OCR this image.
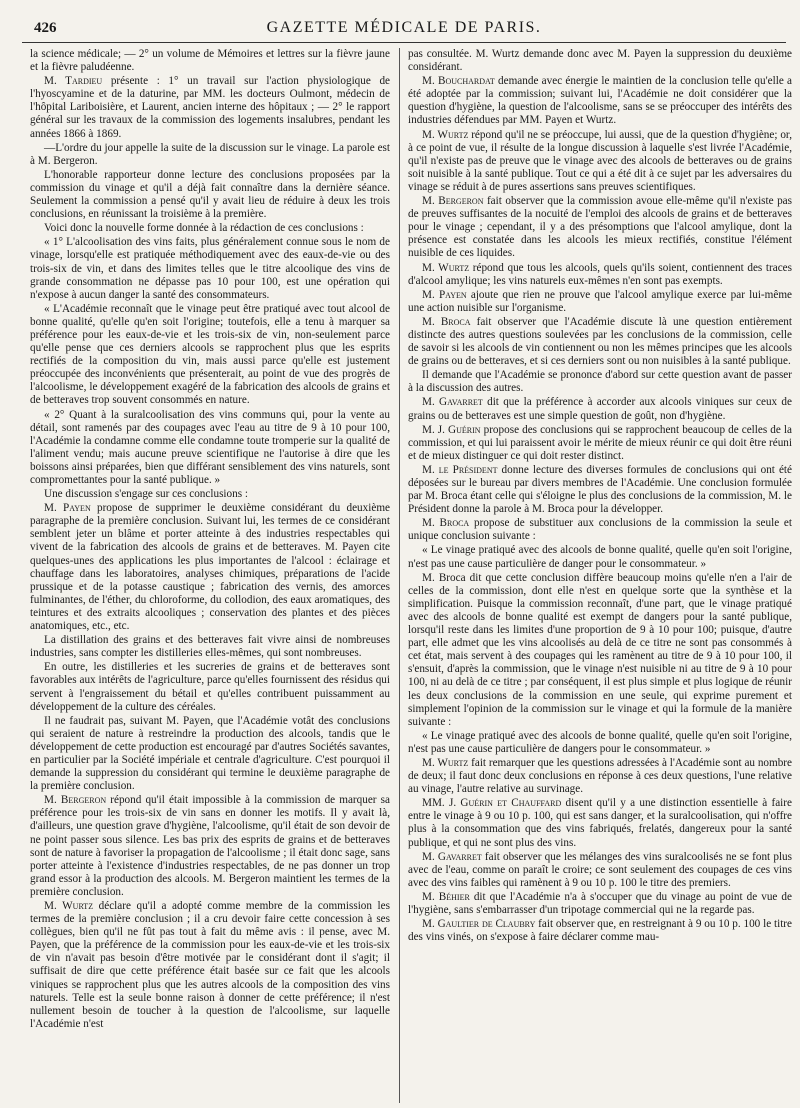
426	GAZETTE MÉDICALE DE PARIS.

la science médicale; — 2° un volume de Mémoires et lettres sur la fièvre jaune et la fièvre paludéenne.

M. Tardieu présente : 1° un travail sur l'action physiologique de l'hyoscyamine et de la daturine, par MM. les docteurs Oulmont, médecin de l'hôpital Lariboisière, et Laurent, ancien interne des hôpitaux ; — 2° le rapport général sur les travaux de la commission des logements insalubres, pendant les années 1866 à 1869.

—L'ordre du jour appelle la suite de la discussion sur le vinage. La parole est à M. Bergeron.

L'honorable rapporteur donne lecture des conclusions proposées par la commission du vinage et qu'il a déjà fait connaître dans la dernière séance. Seulement la commission a pensé qu'il y avait lieu de réduire à deux les trois conclusions, en réunissant la troisième à la première.

Voici donc la nouvelle forme donnée à la rédaction de ces conclusions :

« 1° L'alcoolisation des vins faits, plus généralement connue sous le nom de vinage, lorsqu'elle est pratiquée méthodiquement avec des eaux-de-vie ou des trois-six de vin, et dans des limites telles que le titre alcoolique des vins de grande consommation ne dépasse pas 10 pour 100, est une opération qui n'expose à aucun danger la santé des consommateurs.

« L'Académie reconnaît que le vinage peut être pratiqué avec tout alcool de bonne qualité, qu'elle qu'en soit l'origine; toutefois, elle a tenu à marquer sa préférence pour les eaux-de-vie et les trois-six de vin, non-seulement parce qu'elle pense que ces derniers alcools se rapprochent plus que les esprits rectifiés de la composition du vin, mais aussi parce qu'elle est justement préoccupée des inconvénients que présenterait, au point de vue des progrès de l'alcoolisme, le développement exagéré de la fabrication des alcools de grains et de betteraves trop souvent consommés en nature.

« 2° Quant à la suralcoolisation des vins communs qui, pour la vente au détail, sont ramenés par des coupages avec l'eau au titre de 9 à 10 pour 100, l'Académie la condamne comme elle condamne toute tromperie sur la qualité de l'aliment vendu; mais aucune preuve scientifique ne l'autorise à dire que les boissons ainsi préparées, bien que différant sensiblement des vins naturels, sont compromettantes pour la santé publique. »

Une discussion s'engage sur ces conclusions :

M. Payen propose de supprimer le deuxième considérant du deuxième paragraphe de la première conclusion. Suivant lui, les termes de ce considérant semblent jeter un blâme et porter atteinte à des industries respectables qui vivent de la fabrication des alcools de grains et de betteraves. M. Payen cite quelques-unes des applications les plus importantes de l'alcool : éclairage et chauffage dans les laboratoires, analyses chimiques, préparations de l'acide prussique et de la potasse caustique ; fabrication des vernis, des amorces fulminantes, de l'éther, du chloroforme, du collodion, des eaux aromatiques, des teintures et des extraits alcooliques ; conservation des plantes et des pièces anatomiques, etc., etc.

La distillation des grains et des betteraves fait vivre ainsi de nombreuses industries, sans compter les distilleries elles-mêmes, qui sont nombreuses.

En outre, les distilleries et les sucreries de grains et de betteraves sont favorables aux intérêts de l'agriculture, parce qu'elles fournissent des résidus qui servent à l'engraissement du bétail et qu'elles contribuent puissamment au développement de la culture des céréales.

Il ne faudrait pas, suivant M. Payen, que l'Académie votât des conclusions qui seraient de nature à restreindre la production des alcools, tandis que le développement de cette production est encouragé par d'autres Sociétés savantes, en particulier par la Société impériale et centrale d'agriculture. C'est pourquoi il demande la suppression du considérant qui termine le deuxième paragraphe de la première conclusion.

M. Bergeron répond qu'il était impossible à la commission de marquer sa préférence pour les trois-six de vin sans en donner les motifs. Il y avait là, d'ailleurs, une question grave d'hygiène, l'alcoolisme, qu'il était de son devoir de ne point passer sous silence. Les bas prix des esprits de grains et de betteraves sont de nature à favoriser la propagation de l'alcoolisme ; il était donc sage, sans porter atteinte à l'existence d'industries respectables, de ne pas donner un trop grand essor à la production des alcools. M. Bergeron maintient les termes de la première conclusion.

M. Wurtz déclare qu'il a adopté comme membre de la commission les termes de la première conclusion ; il a cru devoir faire cette concession à ses collègues, bien qu'il ne fût pas tout à fait du même avis : il pense, avec M. Payen, que la préférence de la commission pour les eaux-de-vie et les trois-six de vin n'avait pas besoin d'être motivée par le considérant dont il s'agit; il suffisait de dire que cette préférence était basée sur ce fait que les alcools viniques se rapprochent plus que les autres alcools de la composition des vins naturels. Telle est la seule bonne raison à donner de cette préférence; il n'est nullement besoin de toucher à la question de l'alcoolisme, sur laquelle l'Académie n'est

pas consultée. M. Wurtz demande donc avec M. Payen la suppression du deuxième considérant.

M. Bouchardat demande avec énergie le maintien de la conclusion telle qu'elle a été adoptée par la commission; suivant lui, l'Académie ne doit considérer que la question d'hygiène, la question de l'alcoolisme, sans se se préoccuper des intérêts des industries défendues par MM. Payen et Wurtz.

M. Wurtz répond qu'il ne se préoccupe, lui aussi, que de la question d'hygiène; or, à ce point de vue, il résulte de la longue discussion à laquelle s'est livrée l'Académie, qu'il n'existe pas de preuve que le vinage avec des alcools de betteraves ou de grains soit nuisible à la santé publique. Tout ce qui a été dit à ce sujet par les adversaires du vinage se réduit à de pures assertions sans preuves scientifiques.

M. Bergeron fait observer que la commission avoue elle-même qu'il n'existe pas de preuves suffisantes de la nocuité de l'emploi des alcools de grains et de betteraves pour le vinage ; cependant, il y a des présomptions que l'alcool amylique, dont la présence est constatée dans les alcools les mieux rectifiés, constitue l'élément nuisible de ces liquides.

M. Wurtz répond que tous les alcools, quels qu'ils soient, contiennent des traces d'alcool amylique; les vins naturels eux-mêmes n'en sont pas exempts.

M. Payen ajoute que rien ne prouve que l'alcool amylique exerce par lui-même une action nuisible sur l'organisme.

M. Broca fait observer que l'Académie discute là une question entièrement distincte des autres questions soulevées par les conclusions de la commission, celle de savoir si les alcools de vin contiennent ou non les mêmes principes que les alcools de grains ou de betteraves, et si ces derniers sont ou non nuisibles à la santé publique.

Il demande que l'Académie se prononce d'abord sur cette question avant de passer à la discussion des autres.

M. Gavarret dit que la préférence à accorder aux alcools viniques sur ceux de grains ou de betteraves est une simple question de goût, non d'hygiène.

M. J. Guérin propose des conclusions qui se rapprochent beaucoup de celles de la commission, et qui lui paraissent avoir le mérite de mieux réunir ce qui doit être réuni et de mieux distinguer ce qui doit rester distinct.

M. le Président donne lecture des diverses formules de conclusions qui ont été déposées sur le bureau par divers membres de l'Académie. Une conclusion formulée par M. Broca étant celle qui s'éloigne le plus des conclusions de la commission, M. le Président donne la parole à M. Broca pour la développer.

M. Broca propose de substituer aux conclusions de la commission la seule et unique conclusion suivante :

« Le vinage pratiqué avec des alcools de bonne qualité, quelle qu'en soit l'origine, n'est pas une cause particulière de danger pour le consommateur. »

M. Broca dit que cette conclusion diffère beaucoup moins qu'elle n'en a l'air de celles de la commission, dont elle n'est en quelque sorte que la synthèse et la simplification. Puisque la commission reconnaît, d'une part, que le vinage pratiqué avec des alcools de bonne qualité est exempt de dangers pour la santé publique, lorsqu'il reste dans les limites d'une proportion de 9 à 10 pour 100; puisque, d'autre part, elle admet que les vins alcoolisés au delà de ce titre ne sont pas consommés à cet état, mais servent à des coupages qui les ramènent au titre de 9 à 10 pour 100, il s'ensuit, d'après la commission, que le vinage n'est nuisible ni au titre de 9 à 10 pour 100, ni au delà de ce titre ; par conséquent, il est plus simple et plus logique de réunir les deux conclusions de la commission en une seule, qui exprime purement et simplement l'opinion de la commission sur le vinage et qui la formule de la manière suivante :

« Le vinage pratiqué avec des alcools de bonne qualité, quelle qu'en soit l'origine, n'est pas une cause particulière de dangers pour le consommateur. »

M. Wurtz fait remarquer que les questions adressées à l'Académie sont au nombre de deux; il faut donc deux conclusions en réponse à ces deux questions, l'une relative au vinage, l'autre relative au survinage.

MM. J. Guérin et Chauffard disent qu'il y a une distinction essentielle à faire entre le vinage à 9 ou 10 p. 100, qui est sans danger, et la suralcoolisation, qui n'offre plus à la consommation que des vins fabriqués, frelatés, dangereux pour la santé publique, et qui ne sont plus des vins.

M. Gavarret fait observer que les mélanges des vins suralcoolisés ne se font plus avec de l'eau, comme on paraît le croire; ce sont seulement des coupages de ces vins avec des vins faibles qui ramènent à 9 ou 10 p. 100 le titre des premiers.

M. Béhier dit que l'Académie n'a à s'occuper que du vinage au point de vue de l'hygiène, sans s'embarrasser d'un tripotage commercial qui ne la regarde pas.

M. Gaultier de Claubry fait observer que, en restreignant à 9 ou 10 p. 100 le titre des vins vinés, on s'expose à faire déclarer comme mau-
